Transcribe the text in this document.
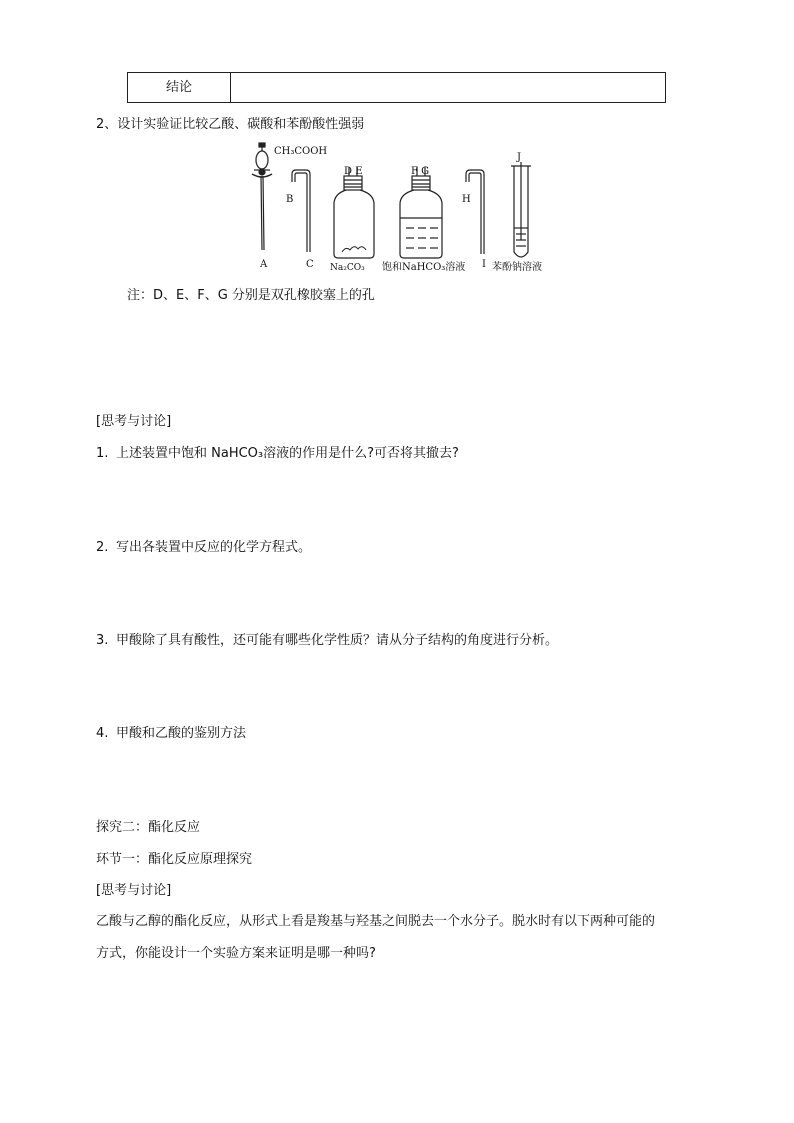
结论
2、设计实验证比较乙酸、碳酸和苯酚酸性强弱
CH₃COOH
A
B
C
D E	F G
H
I
J
Na₂CO₃ 饱和NaHCO₃溶液	苯酚钠溶液
注：D、E、F、G 分别是双孔橡胶塞上的孔
[思考与讨论]
1. 上述装置中饱和 NaHCO₃溶液的作用是什么?可否将其撤去?
2. 写出各装置中反应的化学方程式。
3. 甲酸除了具有酸性，还可能有哪些化学性质？请从分子结构的角度进行分析。
4. 甲酸和乙酸的鉴别方法
探究二：酯化反应
环节一：酯化反应原理探究
[思考与讨论]
乙酸与乙醇的酯化反应，从形式上看是羧基与羟基之间脱去一个水分子。脱水时有以下两种可能的
方式，你能设计一个实验方案来证明是哪一种吗?
